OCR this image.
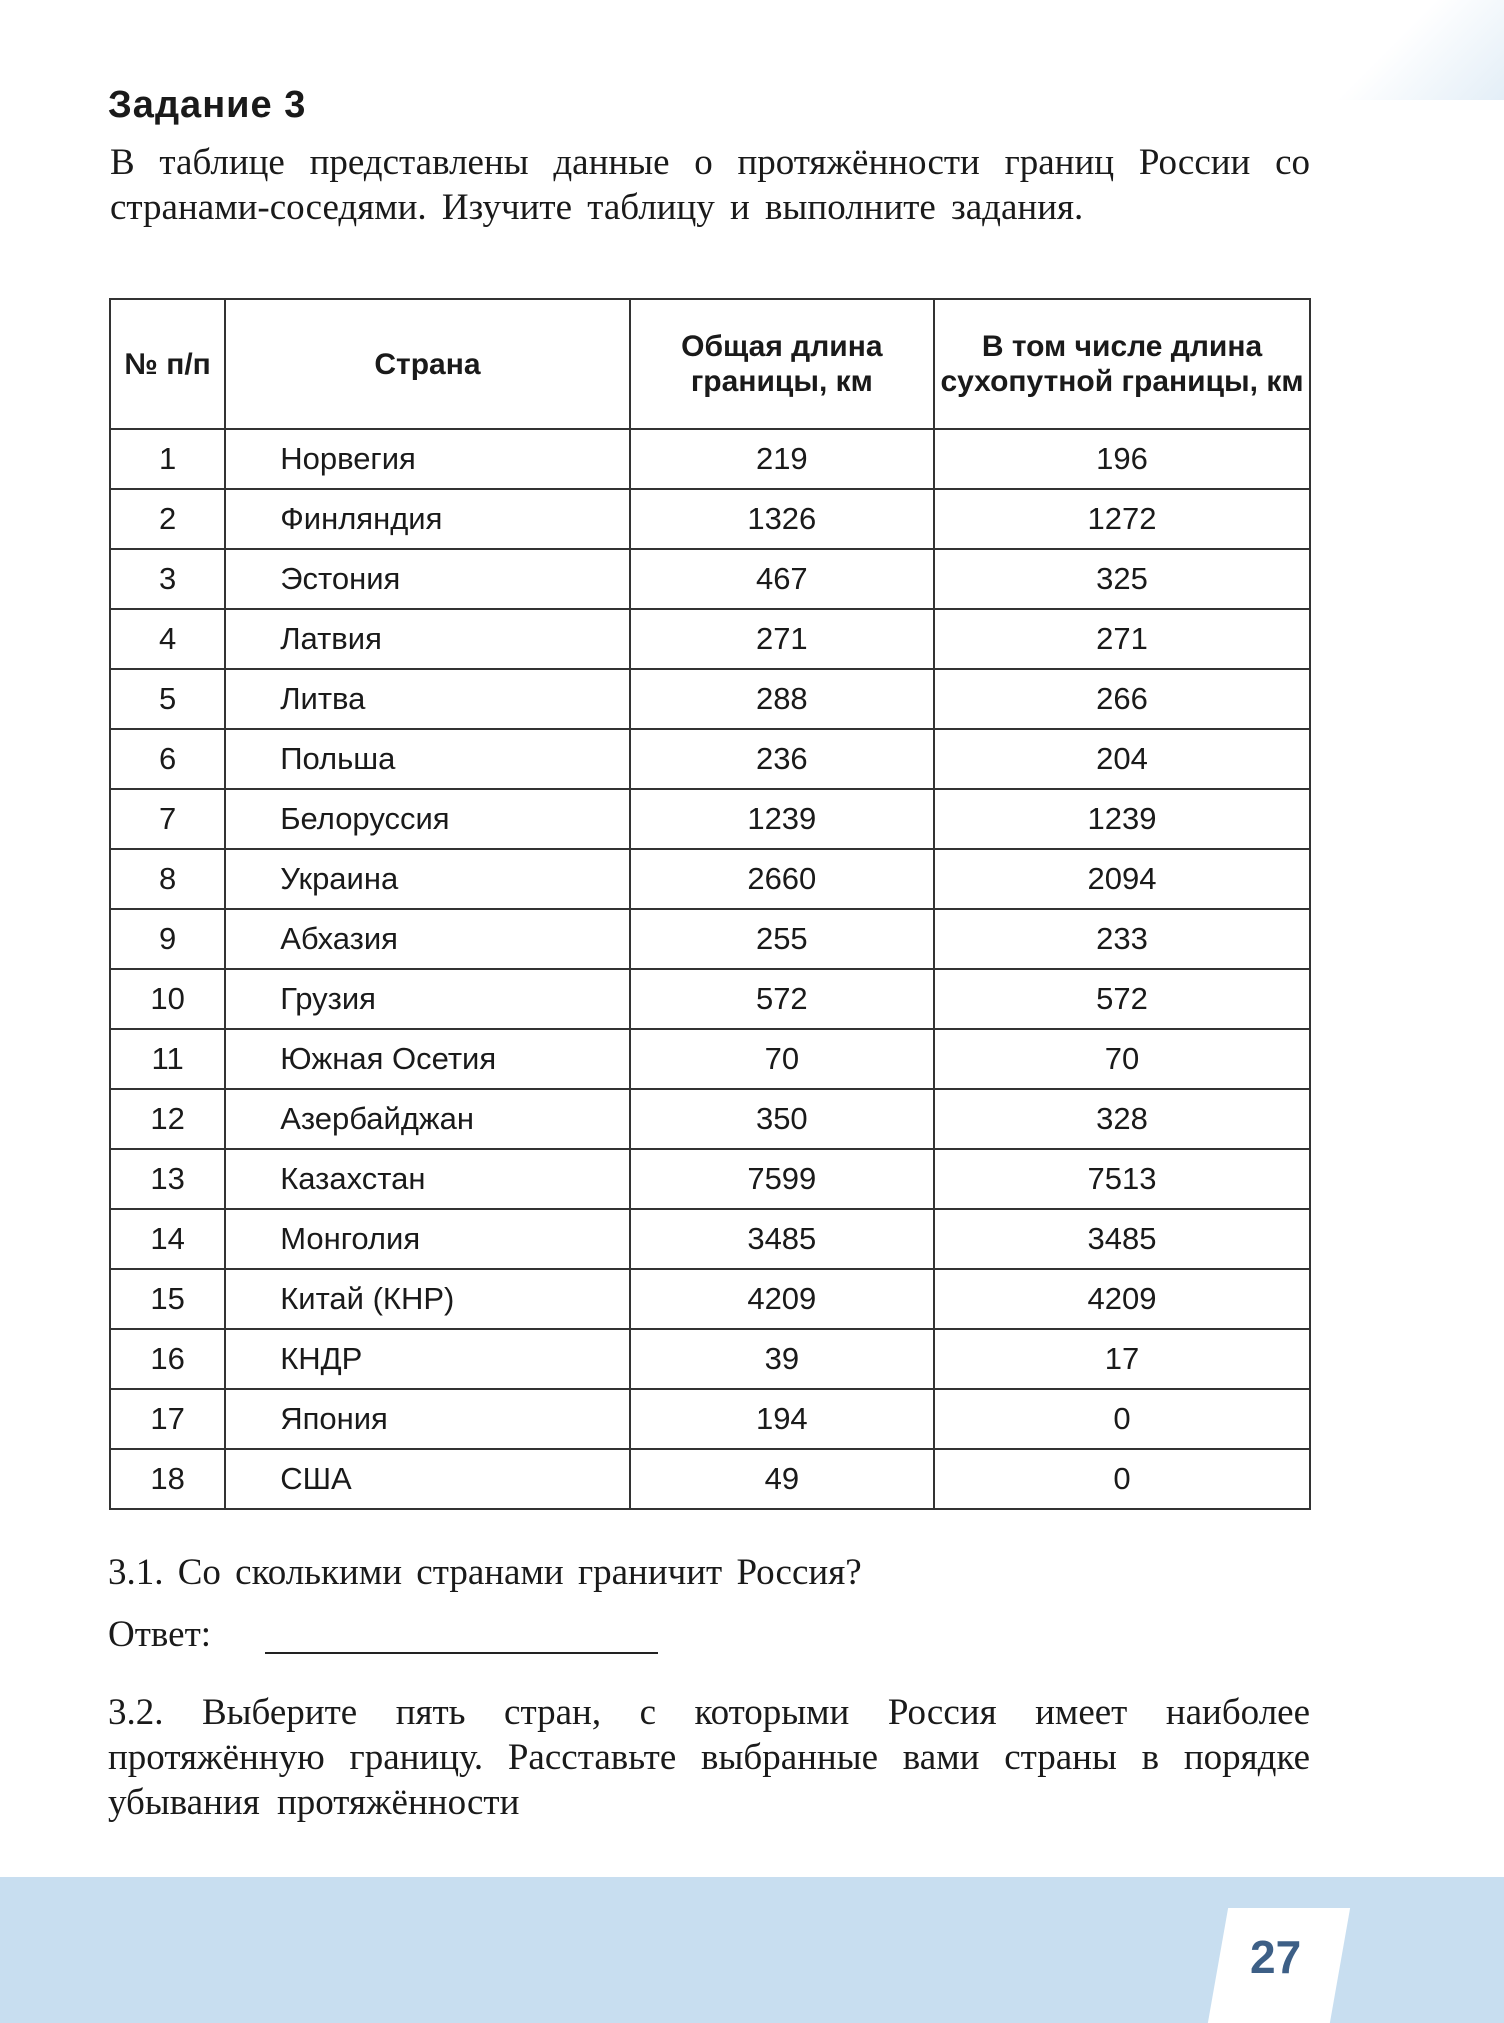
Задание 3
В таблице представлены данные о протяжённости границ России со странами-соседями. Изучите таблицу и выполните задания.
№ п/п	Страна	Общая длина границы, км	В том числе длина сухопутной границы, км
1	Норвегия	219	196
2	Финляндия	1326	1272
3	Эстония	467	325
4	Латвия	271	271
5	Литва	288	266
6	Польша	236	204
7	Белоруссия	1239	1239
8	Украина	2660	2094
9	Абхазия	255	233
10	Грузия	572	572
11	Южная Осетия	70	70
12	Азербайджан	350	328
13	Казахстан	7599	7513
14	Монголия	3485	3485
15	Китай (КНР)	4209	4209
16	КНДР	39	17
17	Япония	194	0
18	США	49	0
3.1. Со сколькими странами граничит Россия?
Ответ:
3.2. Выберите пять стран, с которыми Россия имеет наиболее протяжённую границу. Расставьте выбранные вами страны в порядке убывания протяжённости
27
